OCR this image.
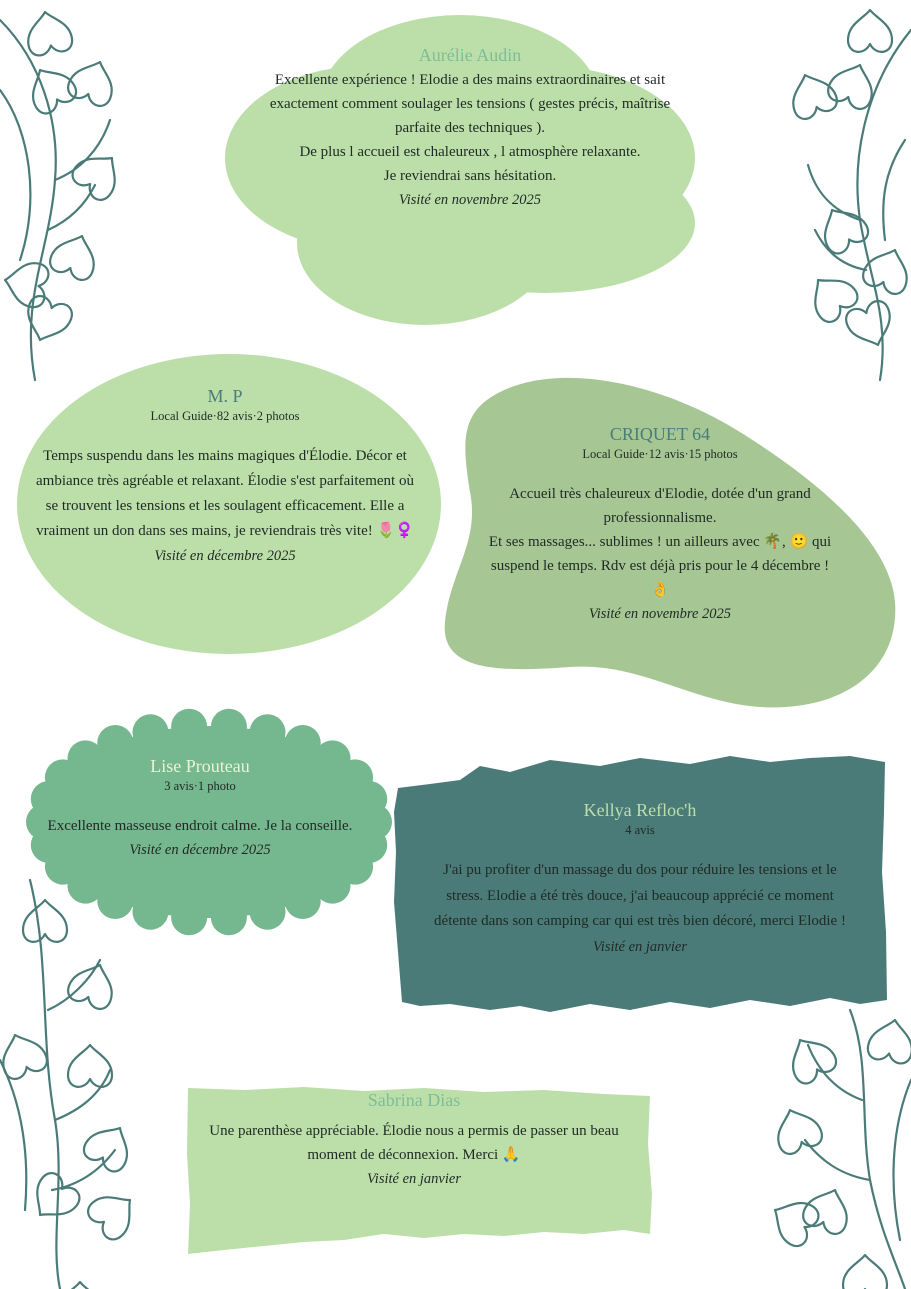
Aurélie Audin
Excellente expérience ! Elodie a des mains extraordinaires et sait
exactement comment soulager les tensions ( gestes précis, maîtrise
parfaite des techniques ).
De plus l accueil est chaleureux , l atmosphère relaxante.
Je reviendrai sans hésitation.
Visité en novembre 2025
M. P
Local Guide·82 avis·2 photos
Temps suspendu dans les mains magiques d'Élodie. Décor et
ambiance très agréable et relaxant. Élodie s'est parfaitement où
se trouvent les tensions et les soulagent efficacement. Elle a
vraiment un don dans ses mains, je reviendrais très vite! 🌷♀️
Visité en décembre 2025
CRIQUET 64
Local Guide·12 avis·15 photos
Accueil très chaleureux d'Elodie, dotée d'un grand
professionnalisme.
Et ses massages... sublimes ! un ailleurs avec 🌴, 🙂 qui
suspend le temps. Rdv est déjà pris pour le 4 décembre !
👌
Visité en novembre 2025
Lise Prouteau
3 avis·1 photo
Excellente masseuse endroit calme. Je la conseille.
Visité en décembre 2025
Kellya Refloc'h
4 avis
J'ai pu profiter d'un massage du dos pour réduire les tensions et le
stress. Elodie a été très douce, j'ai beaucoup apprécié ce moment
détente dans son camping car qui est très bien décoré, merci Elodie !
Visité en janvier
Sabrina Dias
Une parenthèse appréciable. Élodie nous a permis de passer un beau
moment de déconnexion. Merci 🙏
Visité en janvier
